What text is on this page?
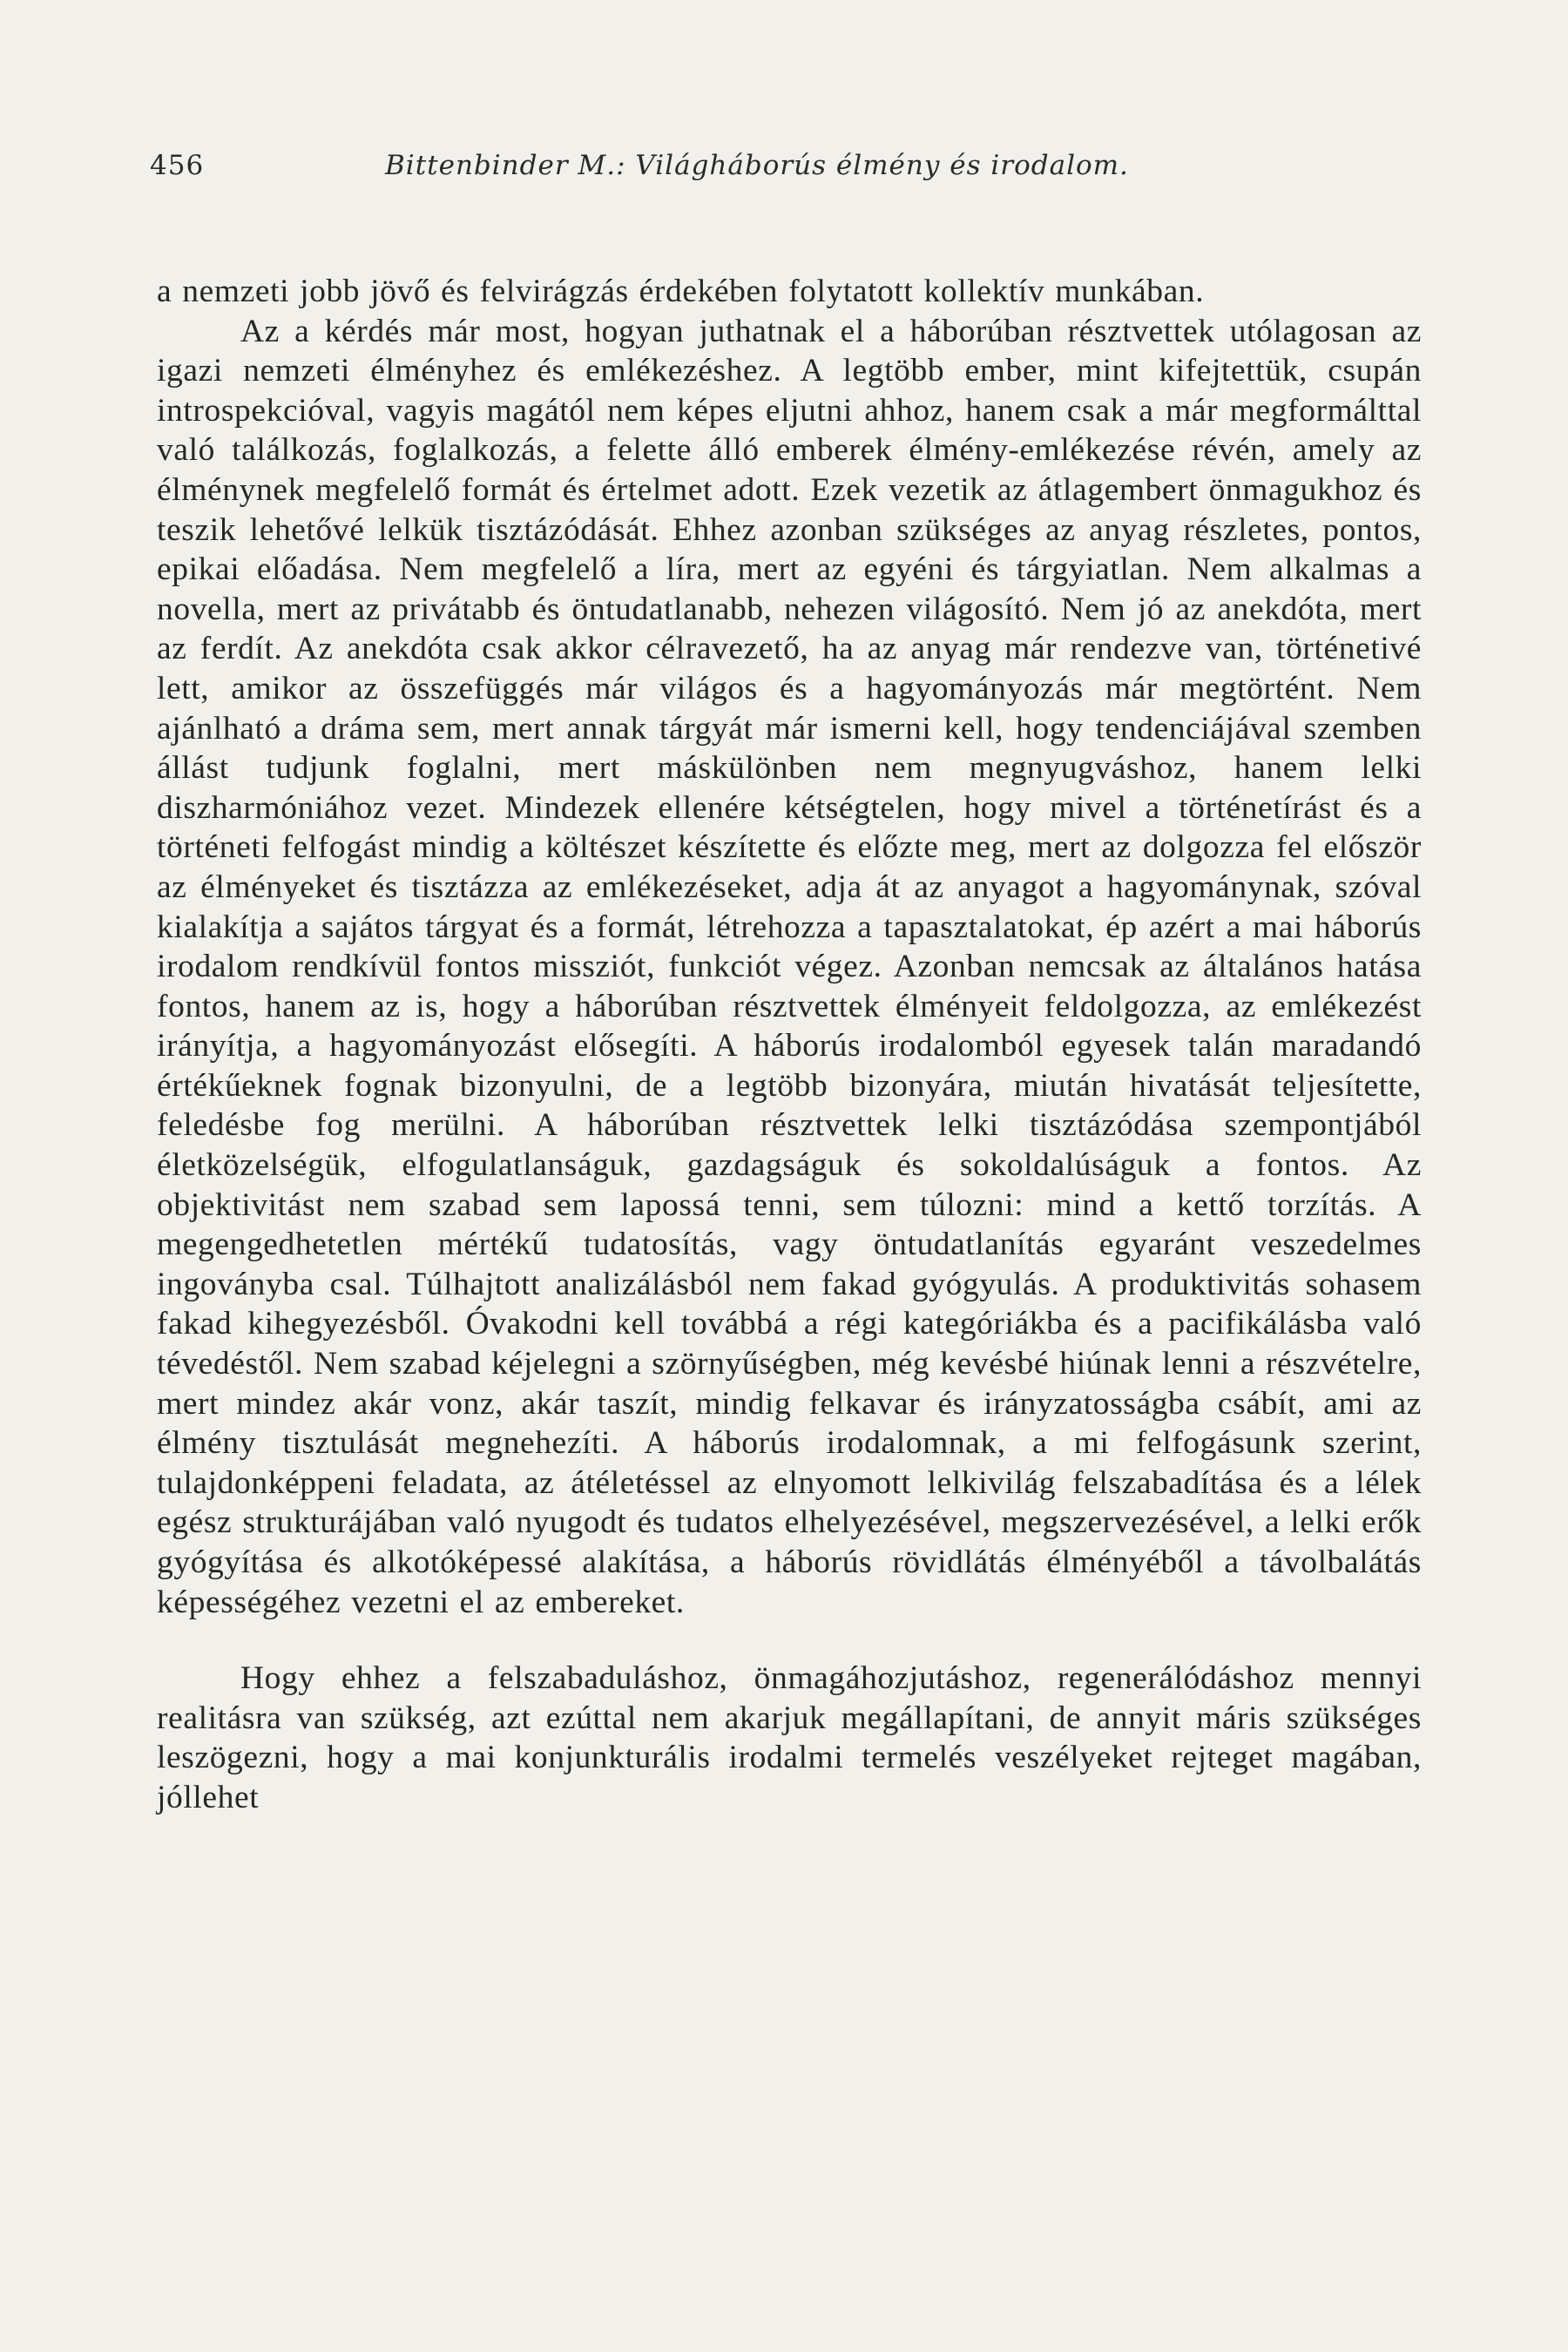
456	Bittenbinder M.: Világháborús élmény és irodalom.

a nemzeti jobb jövő és felvirágzás érdekében folytatott kollektív munkában.

Az a kérdés már most, hogyan juthatnak el a háborúban résztvettek utólagosan az igazi nemzeti élményhez és emlékezéshez. A legtöbb ember, mint kifejtettük, csupán introspekcióval, vagyis magától nem képes eljutni ahhoz, hanem csak a már megformálttal való találkozás, foglalkozás, a felette álló emberek élmény-emlékezése révén, amely az élménynek megfelelő formát és értelmet adott. Ezek vezetik az átlagembert önmagukhoz és teszik lehetővé lelkük tisztázódását. Ehhez azonban szükséges az anyag részletes, pontos, epikai előadása. Nem megfelelő a líra, mert az egyéni és tárgyiatlan. Nem alkalmas a novella, mert az privátabb és öntudatlanabb, nehezen világosító. Nem jó az anekdóta, mert az ferdít. Az anekdóta csak akkor célravezető, ha az anyag már rendezve van, történetivé lett, amikor az összefüggés már világos és a hagyományozás már megtörtént. Nem ajánlható a dráma sem, mert annak tárgyát már ismerni kell, hogy tendenciájával szemben állást tudjunk foglalni, mert máskülönben nem megnyugváshoz, hanem lelki diszharmóniához vezet. Mindezek ellenére kétségtelen, hogy mivel a történetírást és a történeti felfogást mindig a költészet készítette és előzte meg, mert az dolgozza fel először az élményeket és tisztázza az emlékezéseket, adja át az anyagot a hagyománynak, szóval kialakítja a sajátos tárgyat és a formát, létrehozza a tapasztalatokat, ép azért a mai háborús irodalom rendkívül fontos missziót, funkciót végez. Azonban nemcsak az általános hatása fontos, hanem az is, hogy a háborúban résztvettek élményeit feldolgozza, az emlékezést irányítja, a hagyományozást elősegíti. A háborús irodalomból egyesek talán maradandó értékűeknek fognak bizonyulni, de a legtöbb bizonyára, miután hivatását teljesítette, feledésbe fog merülni. A háborúban résztvettek lelki tisztázódása szempontjából életközelségük, elfogulatlanságuk, gazdagságuk és sokoldalúságuk a fontos. Az objektivitást nem szabad sem lapossá tenni, sem túlozni: mind a kettő torzítás. A megengedhetetlen mértékű tudatosítás, vagy öntudatlanítás egyaránt veszedelmes ingoványba csal. Túlhajtott analizálásból nem fakad gyógyulás. A produktivitás sohasem fakad kihegyezésből. Óvakodni kell továbbá a régi kategóriákba és a pacifikálásba való tévedéstől. Nem szabad kéjelegni a szörnyűségben, még kevésbé hiúnak lenni a részvételre, mert mindez akár vonz, akár taszít, mindig felkavar és irányzatosságba csábít, ami az élmény tisztulását megnehezíti. A háborús irodalomnak, a mi felfogásunk szerint, tulajdonképpeni feladata, az átéletéssel az elnyomott lelkivilág felszabadítása és a lélek egész strukturájában való nyugodt és tudatos elhelyezésével, megszervezésével, a lelki erők gyógyítása és alkotóképessé alakítása, a háborús rövidlátás élményéből a távolbalátás képességéhez vezetni el az embereket.

Hogy ehhez a felszabaduláshoz, önmagáhozjutáshoz, regenerálódáshoz mennyi realitásra van szükség, azt ezúttal nem akarjuk megállapítani, de annyit máris szükséges leszögezni, hogy a mai konjunkturális irodalmi termelés veszélyeket rejteget magában, jóllehet
